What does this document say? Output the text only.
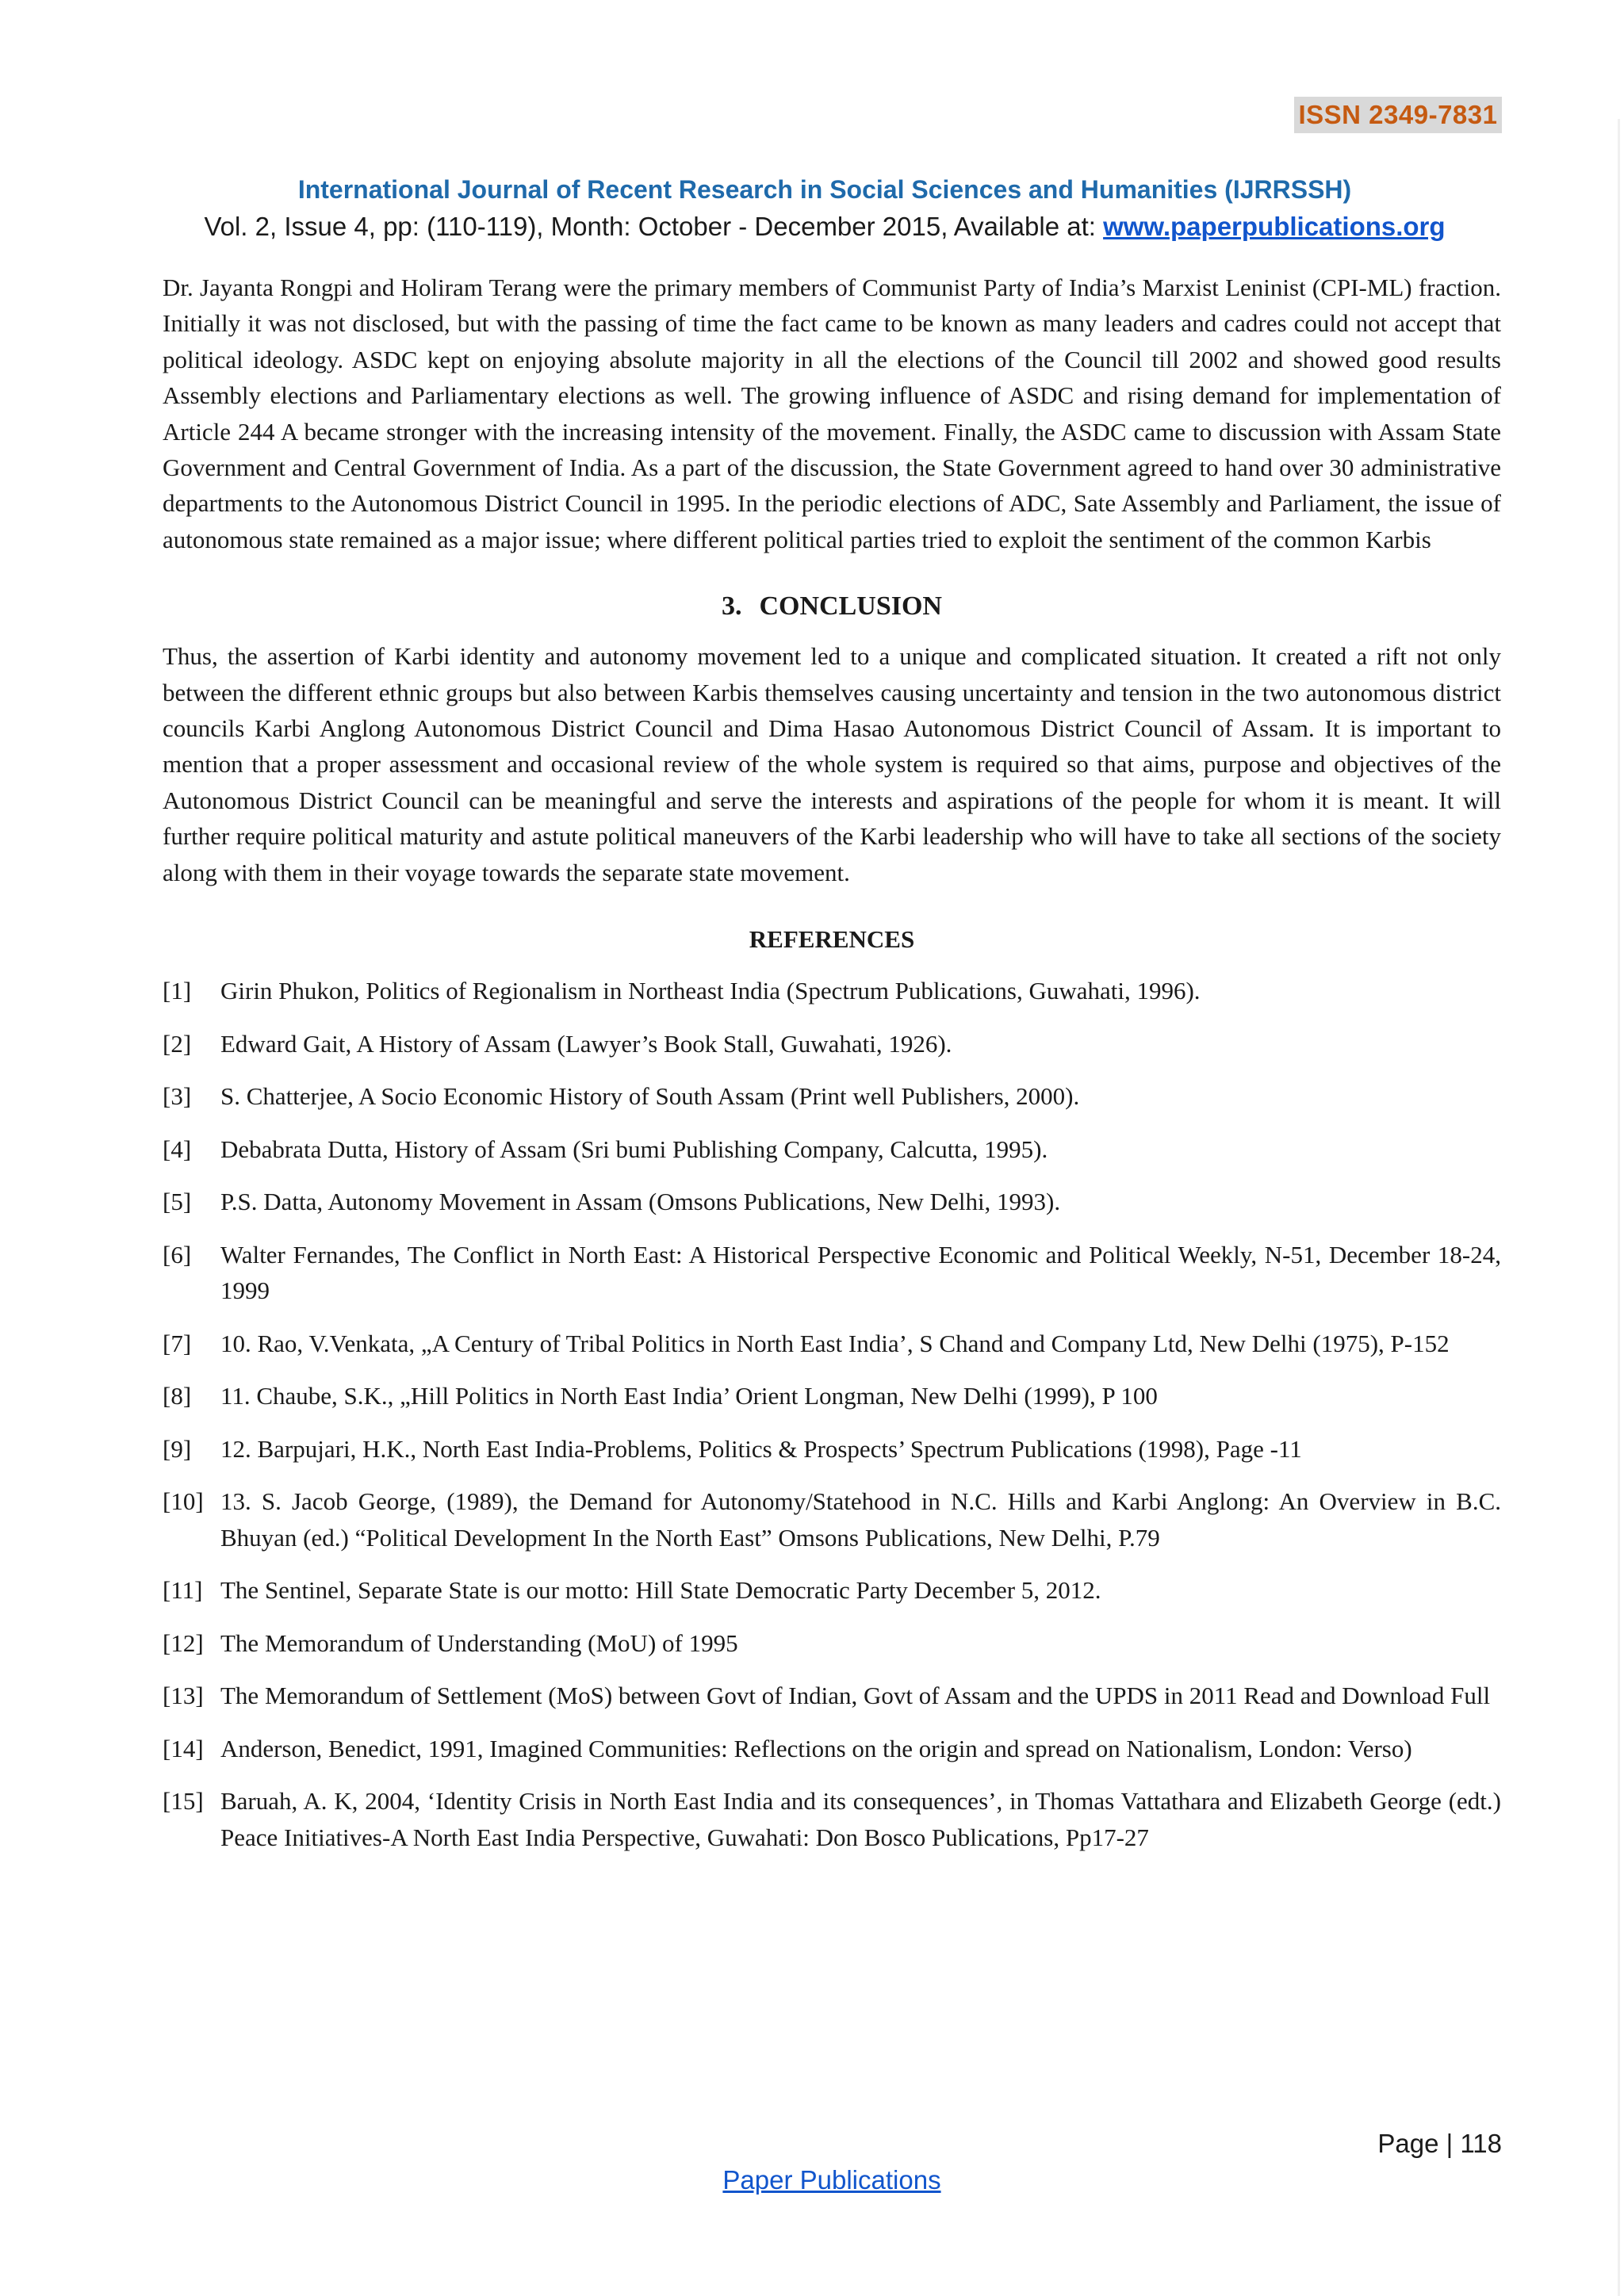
ISSN 2349-7831
International Journal of Recent Research in Social Sciences and Humanities (IJRRSSH)
Vol. 2, Issue 4, pp: (110-119), Month: October - December 2015, Available at: www.paperpublications.org

Dr. Jayanta Rongpi and Holiram Terang were the primary members of Communist Party of India’s Marxist Leninist (CPI-ML) fraction. Initially it was not disclosed, but with the passing of time the fact came to be known as many leaders and cadres could not accept that political ideology. ASDC kept on enjoying absolute majority in all the elections of the Council till 2002 and showed good results Assembly elections and Parliamentary elections as well. The growing influence of ASDC and rising demand for implementation of Article 244 A became stronger with the increasing intensity of the movement. Finally, the ASDC came to discussion with Assam State Government and Central Government of India. As a part of the discussion, the State Government agreed to hand over 30 administrative departments to the Autonomous District Council in 1995. In the periodic elections of ADC, Sate Assembly and Parliament, the issue of autonomous state remained as a major issue; where different political parties tried to exploit the sentiment of the common Karbis

3. CONCLUSION

Thus, the assertion of Karbi identity and autonomy movement led to a unique and complicated situation. It created a rift not only between the different ethnic groups but also between Karbis themselves causing uncertainty and tension in the two autonomous district councils Karbi Anglong Autonomous District Council and Dima Hasao Autonomous District Council of Assam. It is important to mention that a proper assessment and occasional review of the whole system is required so that aims, purpose and objectives of the Autonomous District Council can be meaningful and serve the interests and aspirations of the people for whom it is meant. It will further require political maturity and astute political maneuvers of the Karbi leadership who will have to take all sections of the society along with them in their voyage towards the separate state movement.

REFERENCES
[1]	Girin Phukon, Politics of Regionalism in Northeast India (Spectrum Publications, Guwahati, 1996).
[2]	Edward Gait, A History of Assam (Lawyer’s Book Stall, Guwahati, 1926).
[3]	S. Chatterjee, A Socio Economic History of South Assam (Print well Publishers, 2000).
[4]	Debabrata Dutta, History of Assam (Sri bumi Publishing Company, Calcutta, 1995).
[5]	P.S. Datta, Autonomy Movement in Assam (Omsons Publications, New Delhi, 1993).
[6]	Walter Fernandes, The Conflict in North East: A Historical Perspective Economic and Political Weekly, N-51, December 18-24, 1999
[7]	10. Rao, V.Venkata, „A Century of Tribal Politics in North East India’, S Chand and Company Ltd, New Delhi (1975), P-152
[8]	11. Chaube, S.K., „Hill Politics in North East India’ Orient Longman, New Delhi (1999), P 100
[9]	12. Barpujari, H.K., North East India-Problems, Politics & Prospects’ Spectrum Publications (1998), Page -11
[10] 13. S. Jacob George, (1989), the Demand for Autonomy/Statehood in N.C. Hills and Karbi Anglong: An Overview in B.C. Bhuyan (ed.) “Political Development In the North East” Omsons Publications, New Delhi, P.79
[11] The Sentinel, Separate State is our motto: Hill State Democratic Party December 5, 2012.
[12] The Memorandum of Understanding (MoU) of 1995
[13] The Memorandum of Settlement (MoS) between Govt of Indian, Govt of Assam and the UPDS in 2011 Read and Download Full
[14] Anderson, Benedict, 1991, Imagined Communities: Reflections on the origin and spread on Nationalism, London: Verso)
[15] Baruah, A. K, 2004, ‘Identity Crisis in North East India and its consequences’, in Thomas Vattathara and Elizabeth George (edt.) Peace Initiatives-A North East India Perspective, Guwahati: Don Bosco Publications, Pp17-27
Page | 118
Paper Publications
